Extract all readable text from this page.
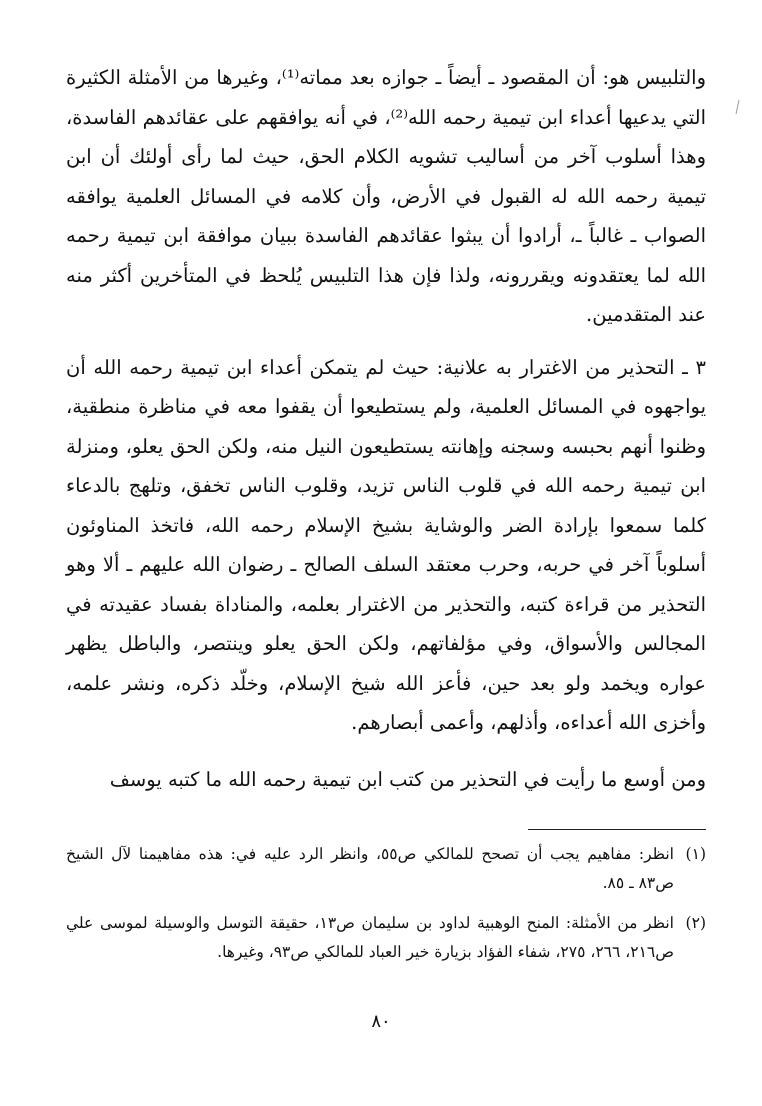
والتلبيس هو: أن المقصود ـ أيضاً ـ جوازه بعد مماته⁽¹⁾، وغيرها من الأمثلة الكثيرة التي يدعيها أعداء ابن تيمية رحمه الله⁽²⁾، في أنه يوافقهم على عقائدهم الفاسدة، وهذا أسلوب آخر من أساليب تشويه الكلام الحق، حيث لما رأى أولئك أن ابن تيمية رحمه الله له القبول في الأرض، وأن كلامه في المسائل العلمية يوافقه الصواب ـ غالباً ـ، أرادوا أن يبثوا عقائدهم الفاسدة ببيان موافقة ابن تيمية رحمه الله لما يعتقدونه ويقررونه، ولذا فإن هذا التلبيس يُلحظ في المتأخرين أكثر منه عند المتقدمين.

٣ ـ التحذير من الاغترار به علانية: حيث لم يتمكن أعداء ابن تيمية رحمه الله أن يواجهوه في المسائل العلمية، ولم يستطيعوا أن يقفوا معه في مناظرة منطقية، وظنوا أنهم بحبسه وسجنه وإهانته يستطيعون النيل منه، ولكن الحق يعلو، ومنزلة ابن تيمية رحمه الله في قلوب الناس تزيد، وقلوب الناس تخفق، وتلهج بالدعاء كلما سمعوا بإرادة الضر والوشاية بشيخ الإسلام رحمه الله، فاتخذ المناوئون أسلوباً آخر في حربه، وحرب معتقد السلف الصالح ـ رضوان الله عليهم ـ ألا وهو التحذير من قراءة كتبه، والتحذير من الاغترار بعلمه، والمناداة بفساد عقيدته في المجالس والأسواق، وفي مؤلفاتهم، ولكن الحق يعلو وينتصر، والباطل يظهر عواره ويخمد ولو بعد حين، فأعز الله شيخ الإسلام، وخلّد ذكره، ونشر علمه، وأخزى الله أعداءه، وأذلهم، وأعمى أبصارهم.

ومن أوسع ما رأيت في التحذير من كتب ابن تيمية رحمه الله ما كتبه يوسف

(١)
انظر: مفاهيم يجب أن تصحح للمالكي ص٥٥، وانظر الرد عليه في: هذه مفاهيمنا لآل الشيخ ص٨٣ ـ ٨٥.
(٢)
انظر من الأمثلة: المنح الوهبية لداود بن سليمان ص١٣، حقيقة التوسل والوسيلة لموسى علي ص٢١٦، ٢٦٦، ٢٧٥، شفاء الفؤاد بزيارة خير العباد للمالكي ص٩٣، وغيرها.
٨٠
